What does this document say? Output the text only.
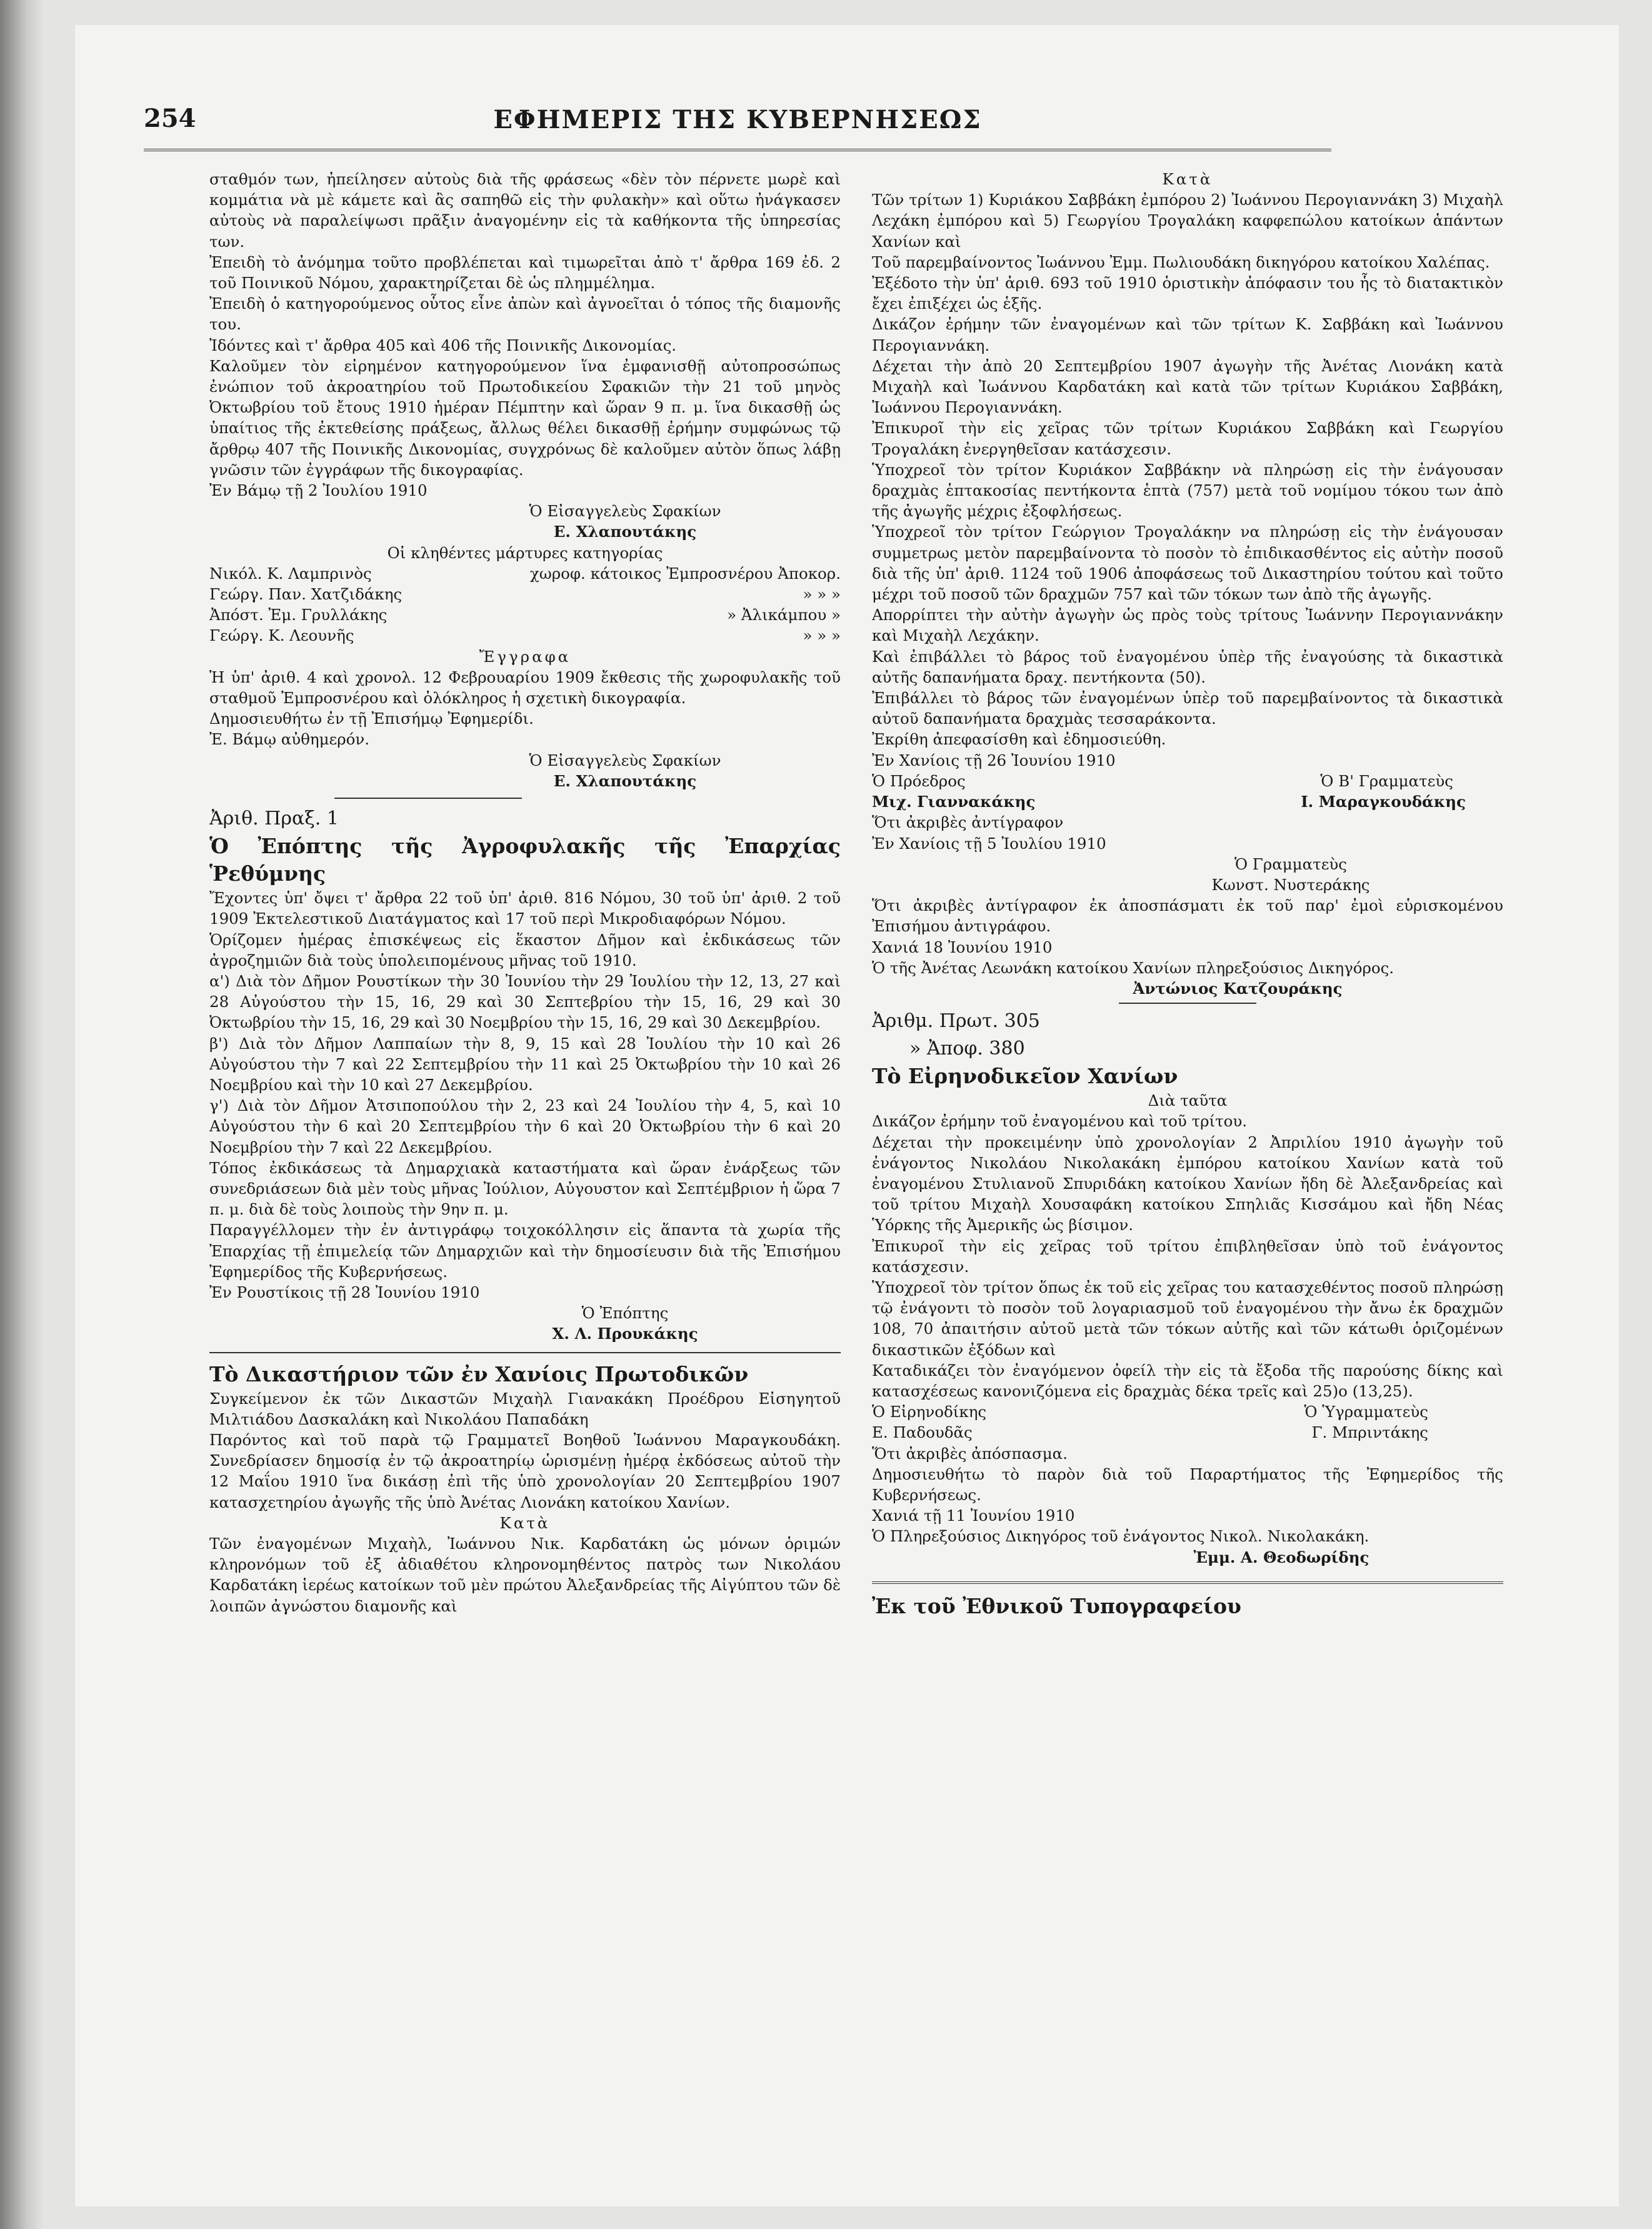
254	ΕΦΗΜΕΡΙΣ ΤΗΣ ΚΥΒΕΡΝΗΣΕΩΣ

σταθμόν των, ἠπείλησεν αὐτοὺς διὰ τῆς φράσεως «δὲν τὸν πέρνετε μωρὲ καὶ κομμάτια νὰ μὲ κάμετε καὶ ἂς σαπηθῶ εἰς τὴν φυλακὴν» καὶ οὕτω ἠνάγκασεν αὐτοὺς νὰ παραλείψωσι πρᾶξιν ἀναγομένην εἰς τὰ καθήκοντα τῆς ὑπηρεσίας των.

Ἐπειδὴ τὸ ἀνόμημα τοῦτο προβλέπεται καὶ τιμωρεῖται ἀπὸ τ' ἄρθρα 169 ἐδ. 2 τοῦ Ποινικοῦ Νόμου, χαρακτηρίζεται δὲ ὡς πλημμέλημα.

Ἐπειδὴ ὁ κατηγορούμενος οὗτος εἶνε ἀπὼν καὶ ἀγνοεῖται ὁ τόπος τῆς διαμονῆς του.

Ἰδόντες καὶ τ' ἄρθρα 405 καὶ 406 τῆς Ποινικῆς Δικονομίας.

Καλοῦμεν τὸν εἰρημένον κατηγορούμενον ἵνα ἐμφανισθῇ αὐτοπροσώπως ἐνώπιον τοῦ ἀκροατηρίου τοῦ Πρωτοδικείου Σφακιῶν τὴν 21 τοῦ μηνὸς Ὀκτωβρίου τοῦ ἔτους 1910 ἡμέραν Πέμπτην καὶ ὥραν 9 π. μ. ἵνα δικασθῇ ὡς ὑπαίτιος τῆς ἐκτεθείσης πράξεως, ἄλλως θέλει δικασθῇ ἐρήμην συμφώνως τῷ ἄρθρῳ 407 τῆς Ποινικῆς Δικονομίας, συγχρόνως δὲ καλοῦμεν αὐτὸν ὅπως λάβῃ γνῶσιν τῶν ἐγγράφων τῆς δικογραφίας.

Ἐν Βάμῳ τῇ 2 Ἰουλίου 1910

Ὁ Εἰσαγγελεὺς Σφακίων

Ε. Χλαπουτάκης

Οἱ κληθέντες μάρτυρες κατηγορίας

Νικόλ. Κ. Λαμπρινὸς	χωροφ. κάτοικος Ἐμπροσνέρου Ἀποκορ.
Γεώργ. Παν. Χατζιδάκης	» » »
Ἀπόστ. Ἐμ. Γρυλλάκης	» Ἀλικάμπου »
Γεώργ. Κ. Λεουνῆς	» » »

Ἔγγραφα

Ἡ ὑπ' ἀριθ. 4 καὶ χρονολ. 12 Φεβρουαρίου 1909 ἔκθεσις τῆς χωροφυλακῆς τοῦ σταθμοῦ Ἐμπροσνέρου καὶ ὁλόκληρος ἡ σχετικὴ δικογραφία.

Δημοσιευθήτω ἐν τῇ Ἐπισήμῳ Ἐφημερίδι.

Ἐ. Βάμῳ αὐθημερόν.

Ὁ Εἰσαγγελεὺς Σφακίων

Ε. Χλαπουτάκης

Ἀριθ. Πραξ. 1

Ὁ Ἐπόπτης τῆς Ἀγροφυλακῆς τῆς Ἐπαρχίας Ῥεθύμνης

Ἔχοντες ὑπ' ὄψει τ' ἄρθρα 22 τοῦ ὑπ' ἀριθ. 816 Νόμου, 30 τοῦ ὑπ' ἀριθ. 2 τοῦ 1909 Ἐκτελεστικοῦ Διατάγματος καὶ 17 τοῦ περὶ Μικροδιαφόρων Νόμου.

Ὁρίζομεν ἡμέρας ἐπισκέψεως εἰς ἕκαστον Δῆμον καὶ ἐκδικάσεως τῶν ἀγροζημιῶν διὰ τοὺς ὑπολειπομένους μῆνας τοῦ 1910.

α') Διὰ τὸν Δῆμον Ρουστίκων τὴν 30 Ἰουνίου τὴν 29 Ἰουλίου τὴν 12, 13, 27 καὶ 28 Αὐγούστου τὴν 15, 16, 29 καὶ 30 Σεπτεβρίου τὴν 15, 16, 29 καὶ 30 Ὀκτωβρίου τὴν 15, 16, 29 καὶ 30 Νοεμβρίου τὴν 15, 16, 29 καὶ 30 Δεκεμβρίου.

β') Διὰ τὸν Δῆμον Λαππαίων τὴν 8, 9, 15 καὶ 28 Ἰουλίου τὴν 10 καὶ 26 Αὐγούστου τὴν 7 καὶ 22 Σεπτεμβρίου τὴν 11 καὶ 25 Ὀκτωβρίου τὴν 10 καὶ 26 Νοεμβρίου καὶ τὴν 10 καὶ 27 Δεκεμβρίου.

γ') Διὰ τὸν Δῆμον Ἀτσιποπούλου τὴν 2, 23 καὶ 24 Ἰουλίου τὴν 4, 5, καὶ 10 Αὐγούστου τὴν 6 καὶ 20 Σεπτεμβρίου τὴν 6 καὶ 20 Ὀκτωβρίου τὴν 6 καὶ 20 Νοεμβρίου τὴν 7 καὶ 22 Δεκεμβρίου.

Τόπος ἐκδικάσεως τὰ Δημαρχιακὰ καταστήματα καὶ ὥραν ἐνάρξεως τῶν συνεδριάσεων διὰ μὲν τοὺς μῆνας Ἰούλιον, Αὐγουστον καὶ Σεπτέμβριον ἡ ὥρα 7 π. μ. διὰ δὲ τοὺς λοιποὺς τὴν 9ην π. μ.

Παραγγέλλομεν τὴν ἐν ἀντιγράφῳ τοιχοκόλλησιν εἰς ἅπαντα τὰ χωρία τῆς Ἐπαρχίας τῇ ἐπιμελείᾳ τῶν Δημαρχιῶν καὶ τὴν δημοσίευσιν διὰ τῆς Ἐπισήμου Ἐφημερίδος τῆς Κυβερνήσεως.

Ἐν Ρουστίκοις τῇ 28 Ἰουνίου 1910

Ὁ Ἐπόπτης

Χ. Λ. Προυκάκης

Τὸ Δικαστήριον τῶν ἐν Χανίοις Πρωτοδικῶν

Συγκείμενον ἐκ τῶν Δικαστῶν Μιχαὴλ Γιανακάκη Προέδρου Εἰσηγητοῦ Μιλτιάδου Δασκαλάκη καὶ Νικολάου Παπαδάκη

Παρόντος καὶ τοῦ παρὰ τῷ Γραμματεῖ Βοηθοῦ Ἰωάννου Μαραγκουδάκη. Συνεδρίασεν δημοσίᾳ ἐν τῷ ἀκροατηρίῳ ὡρισμένῃ ἡμέρᾳ ἐκδόσεως αὐτοῦ τὴν 12 Μαΐου 1910 ἵνα δικάσῃ ἐπὶ τῆς ὑπὸ χρονολογίαν 20 Σεπτεμβρίου 1907 κατασχετηρίου ἀγωγῆς τῆς ὑπὸ Ἀνέτας Λιονάκη κατοίκου Χανίων.

Κατὰ

Τῶν ἐναγομένων Μιχαὴλ, Ἰωάννου Νικ. Καρδατάκη ὡς μόνων ὁριμών κληρονόμων τοῦ ἐξ ἀδιαθέτου κληρονομηθέντος πατρὸς των Νικολάου Καρδατάκη ἱερέως κατοίκων τοῦ μὲν πρώτου Ἀλεξανδρείας τῆς Αἰγύπτου τῶν δὲ λοιπῶν ἀγνώστου διαμονῆς καὶ

Κατὰ

Τῶν τρίτων 1) Κυριάκου Σαββάκη ἐμπόρου 2) Ἰωάννου Περογιαννάκη 3) Μιχαὴλ Λεχάκη ἐμπόρου καὶ 5) Γεωργίου Τρογαλάκη καφφεπώλου κατοίκων ἁπάντων Χανίων καὶ

Τοῦ παρεμβαίνοντος Ἰωάννου Ἐμμ. Πωλιουδάκη δικηγόρου κατοίκου Χαλέπας.

Ἐξέδοτο τὴν ὑπ' ἀριθ. 693 τοῦ 1910 ὁριστικὴν ἀπόφασιν του ἧς τὸ διατακτικὸν ἔχει ἐπιξέχει ὡς ἑξῆς.

Δικάζον ἐρήμην τῶν ἐναγομένων καὶ τῶν τρίτων Κ. Σαββάκη καὶ Ἰωάννου Περογιαννάκη.

Δέχεται τὴν ἀπὸ 20 Σεπτεμβρίου 1907 ἀγωγὴν τῆς Ἀνέτας Λιονάκη κατὰ Μιχαὴλ καὶ Ἰωάννου Καρδατάκη καὶ κατὰ τῶν τρίτων Κυριάκου Σαββάκη, Ἰωάννου Περογιαννάκη.

Ἐπικυροῖ τὴν εἰς χεῖρας τῶν τρίτων Κυριάκου Σαββάκη καὶ Γεωργίου Τρογαλάκη ἐνεργηθεῖσαν κατάσχεσιν.

Ὑποχρεοῖ τὸν τρίτον Κυριάκον Σαββάκην νὰ πληρώσῃ εἰς τὴν ἐνάγουσαν δραχμὰς ἑπτακοσίας πεντήκοντα ἑπτὰ (757) μετὰ τοῦ νομίμου τόκου των ἀπὸ τῆς ἀγωγῆς μέχρις ἐξοφλήσεως.

Ὑποχρεοῖ τὸν τρίτον Γεώργιον Τρογαλάκην να πληρώσῃ εἰς τὴν ἐνάγουσαν συμμετρως μετὸν παρεμβαίνοντα τὸ ποσὸν τὸ ἐπιδικασθέντος εἰς αὐτὴν ποσοῦ διὰ τῆς ὑπ' ἀριθ. 1124 τοῦ 1906 ἀποφάσεως τοῦ Δικαστηρίου τούτου καὶ τοῦτο μέχρι τοῦ ποσοῦ τῶν δραχμῶν 757 καὶ τῶν τόκων των ἀπὸ τῆς ἀγωγῆς.

Απορρίπτει τὴν αὐτὴν ἀγωγὴν ὡς πρὸς τοὺς τρίτους Ἰωάννην Περογιαννάκην καὶ Μιχαὴλ Λεχάκην.

Καὶ ἐπιβάλλει τὸ βάρος τοῦ ἐναγομένου ὑπὲρ τῆς ἐναγούσης τὰ δικαστικὰ αὐτῆς δαπανήματα δραχ. πεντήκοντα (50).

Ἐπιβάλλει τὸ βάρος τῶν ἐναγομένων ὑπὲρ τοῦ παρεμβαίνοντος τὰ δικαστικὰ αὐτοῦ δαπανήματα δραχμὰς τεσσαράκοντα.

Ἐκρίθη ἀπεφασίσθη καὶ ἐδημοσιεύθη.

Ἐν Χανίοις τῇ 26 Ἰουνίου 1910

Ὁ Πρόεδρος	Ὁ Β' Γραμματεὺς
Μιχ. Γιαννακάκης	Ι. Μαραγκουδάκης

Ὅτι ἀκριβὲς ἀντίγραφον

Ἐν Χανίοις τῇ 5 Ἰουλίου 1910

Ὁ Γραμματεὺς

Κωνστ. Νυστεράκης

Ὅτι ἀκριβὲς ἀντίγραφον ἐκ ἀποσπάσματι ἐκ τοῦ παρ' ἐμοὶ εὑρισκομένου Ἐπισήμου ἀντιγράφου.

Χανιά 18 Ἰουνίου 1910

Ὁ τῆς Ἀνέτας Λεωνάκη κατοίκου Χανίων πληρεξούσιος Δικηγόρος.

Ἀντώνιος Κατζουράκης

Ἀριθμ. Πρωτ. 305

» Ἀποφ. 380

Τὸ Εἰρηνοδικεῖον Χανίων

Διὰ ταῦτα

Δικάζον ἐρήμην τοῦ ἐναγομένου καὶ τοῦ τρίτου.

Δέχεται τὴν προκειμένην ὑπὸ χρονολογίαν 2 Ἀπριλίου 1910 ἀγωγὴν τοῦ ἐνάγοντος Νικολάου Νικολακάκη ἐμπόρου κατοίκου Χανίων κατὰ τοῦ ἐναγομένου Στυλιανοῦ Σπυριδάκη κατοίκου Χανίων ἤδη δὲ Ἀλεξανδρείας καὶ τοῦ τρίτου Μιχαὴλ Χουσαφάκη κατοίκου Σπηλιᾶς Κισσάμου καὶ ἤδη Νέας Ὑόρκης τῆς Ἀμερικῆς ὡς βίσιμον.

Ἐπικυροῖ τὴν εἰς χεῖρας τοῦ τρίτου ἐπιβληθεῖσαν ὑπὸ τοῦ ἐνάγοντος κατάσχεσιν.

Ὑποχρεοῖ τὸν τρίτον ὅπως ἐκ τοῦ εἰς χεῖρας του κατασχεθέντος ποσοῦ πληρώσῃ τῷ ἐνάγοντι τὸ ποσὸν τοῦ λογαριασμοῦ τοῦ ἐναγομένου τὴν ἄνω ἐκ δραχμῶν 108, 70 ἀπαιτήσιν αὐτοῦ μετὰ τῶν τόκων αὐτῆς καὶ τῶν κάτωθι ὁριζομένων δικαστικῶν ἐξόδων καὶ

Καταδικάζει τὸν ἐναγόμενον ὀφείλ τὴν εἰς τὰ ἔξοδα τῆς παρούσης δίκης καὶ κατασχέσεως κανονιζόμενα εἰς δραχμὰς δέκα τρεῖς καὶ 25)ο (13,25).

Ὁ Εἰρηνοδίκης	Ὁ Ὑγραμματεὺς
Ε. Παδουδᾶς	Γ. Μπριντάκης

Ὅτι ἀκριβὲς ἀπόσπασμα.

Δημοσιευθήτω τὸ παρὸν διὰ τοῦ Παραρτήματος τῆς Ἐφημερίδος τῆς Κυβερνήσεως.

Χανιά τῇ 11 Ἰουνίου 1910

Ὁ Πληρεξούσιος Δικηγόρος τοῦ ἐνάγοντος Νικολ. Νικολακάκη.

Ἐμμ. Α. Θεοδωρίδης

Ἐκ τοῦ Ἐθνικοῦ Τυπογραφείου
